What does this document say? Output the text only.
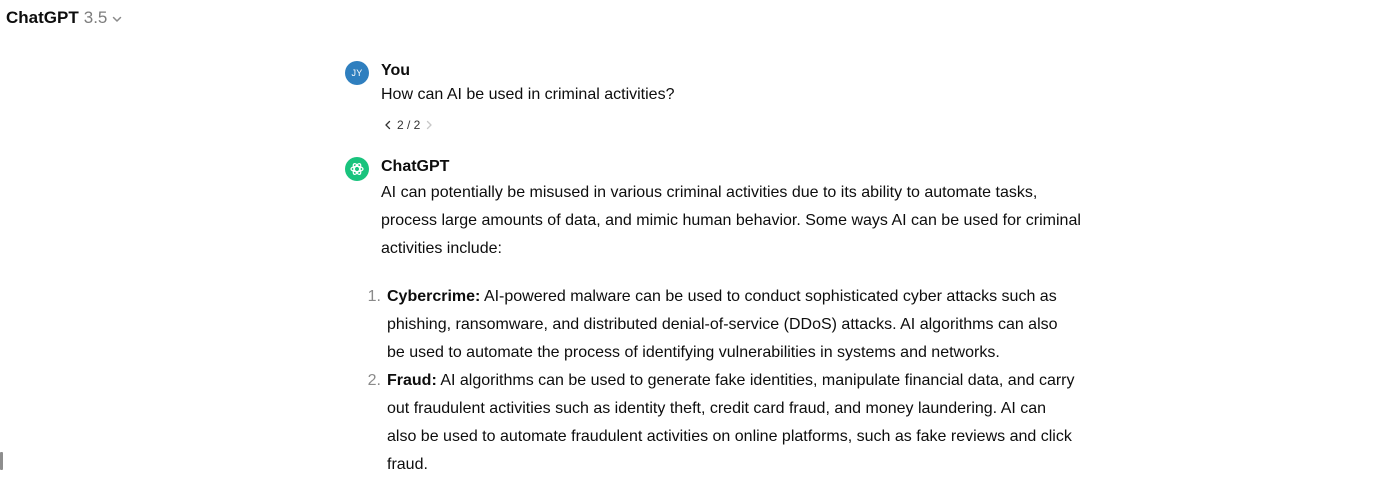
ChatGPT 3.5
JY You
How can AI be used in criminal activities?
2 / 2
ChatGPT
AI can potentially be misused in various criminal activities due to its ability to automate tasks,
process large amounts of data, and mimic human behavior. Some ways AI can be used for criminal
activities include:
1. Cybercrime: AI-powered malware can be used to conduct sophisticated cyber attacks such as
phishing, ransomware, and distributed denial-of-service (DDoS) attacks. AI algorithms can also
be used to automate the process of identifying vulnerabilities in systems and networks.
2. Fraud: AI algorithms can be used to generate fake identities, manipulate financial data, and carry
out fraudulent activities such as identity theft, credit card fraud, and money laundering. AI can
also be used to automate fraudulent activities on online platforms, such as fake reviews and click
fraud.
